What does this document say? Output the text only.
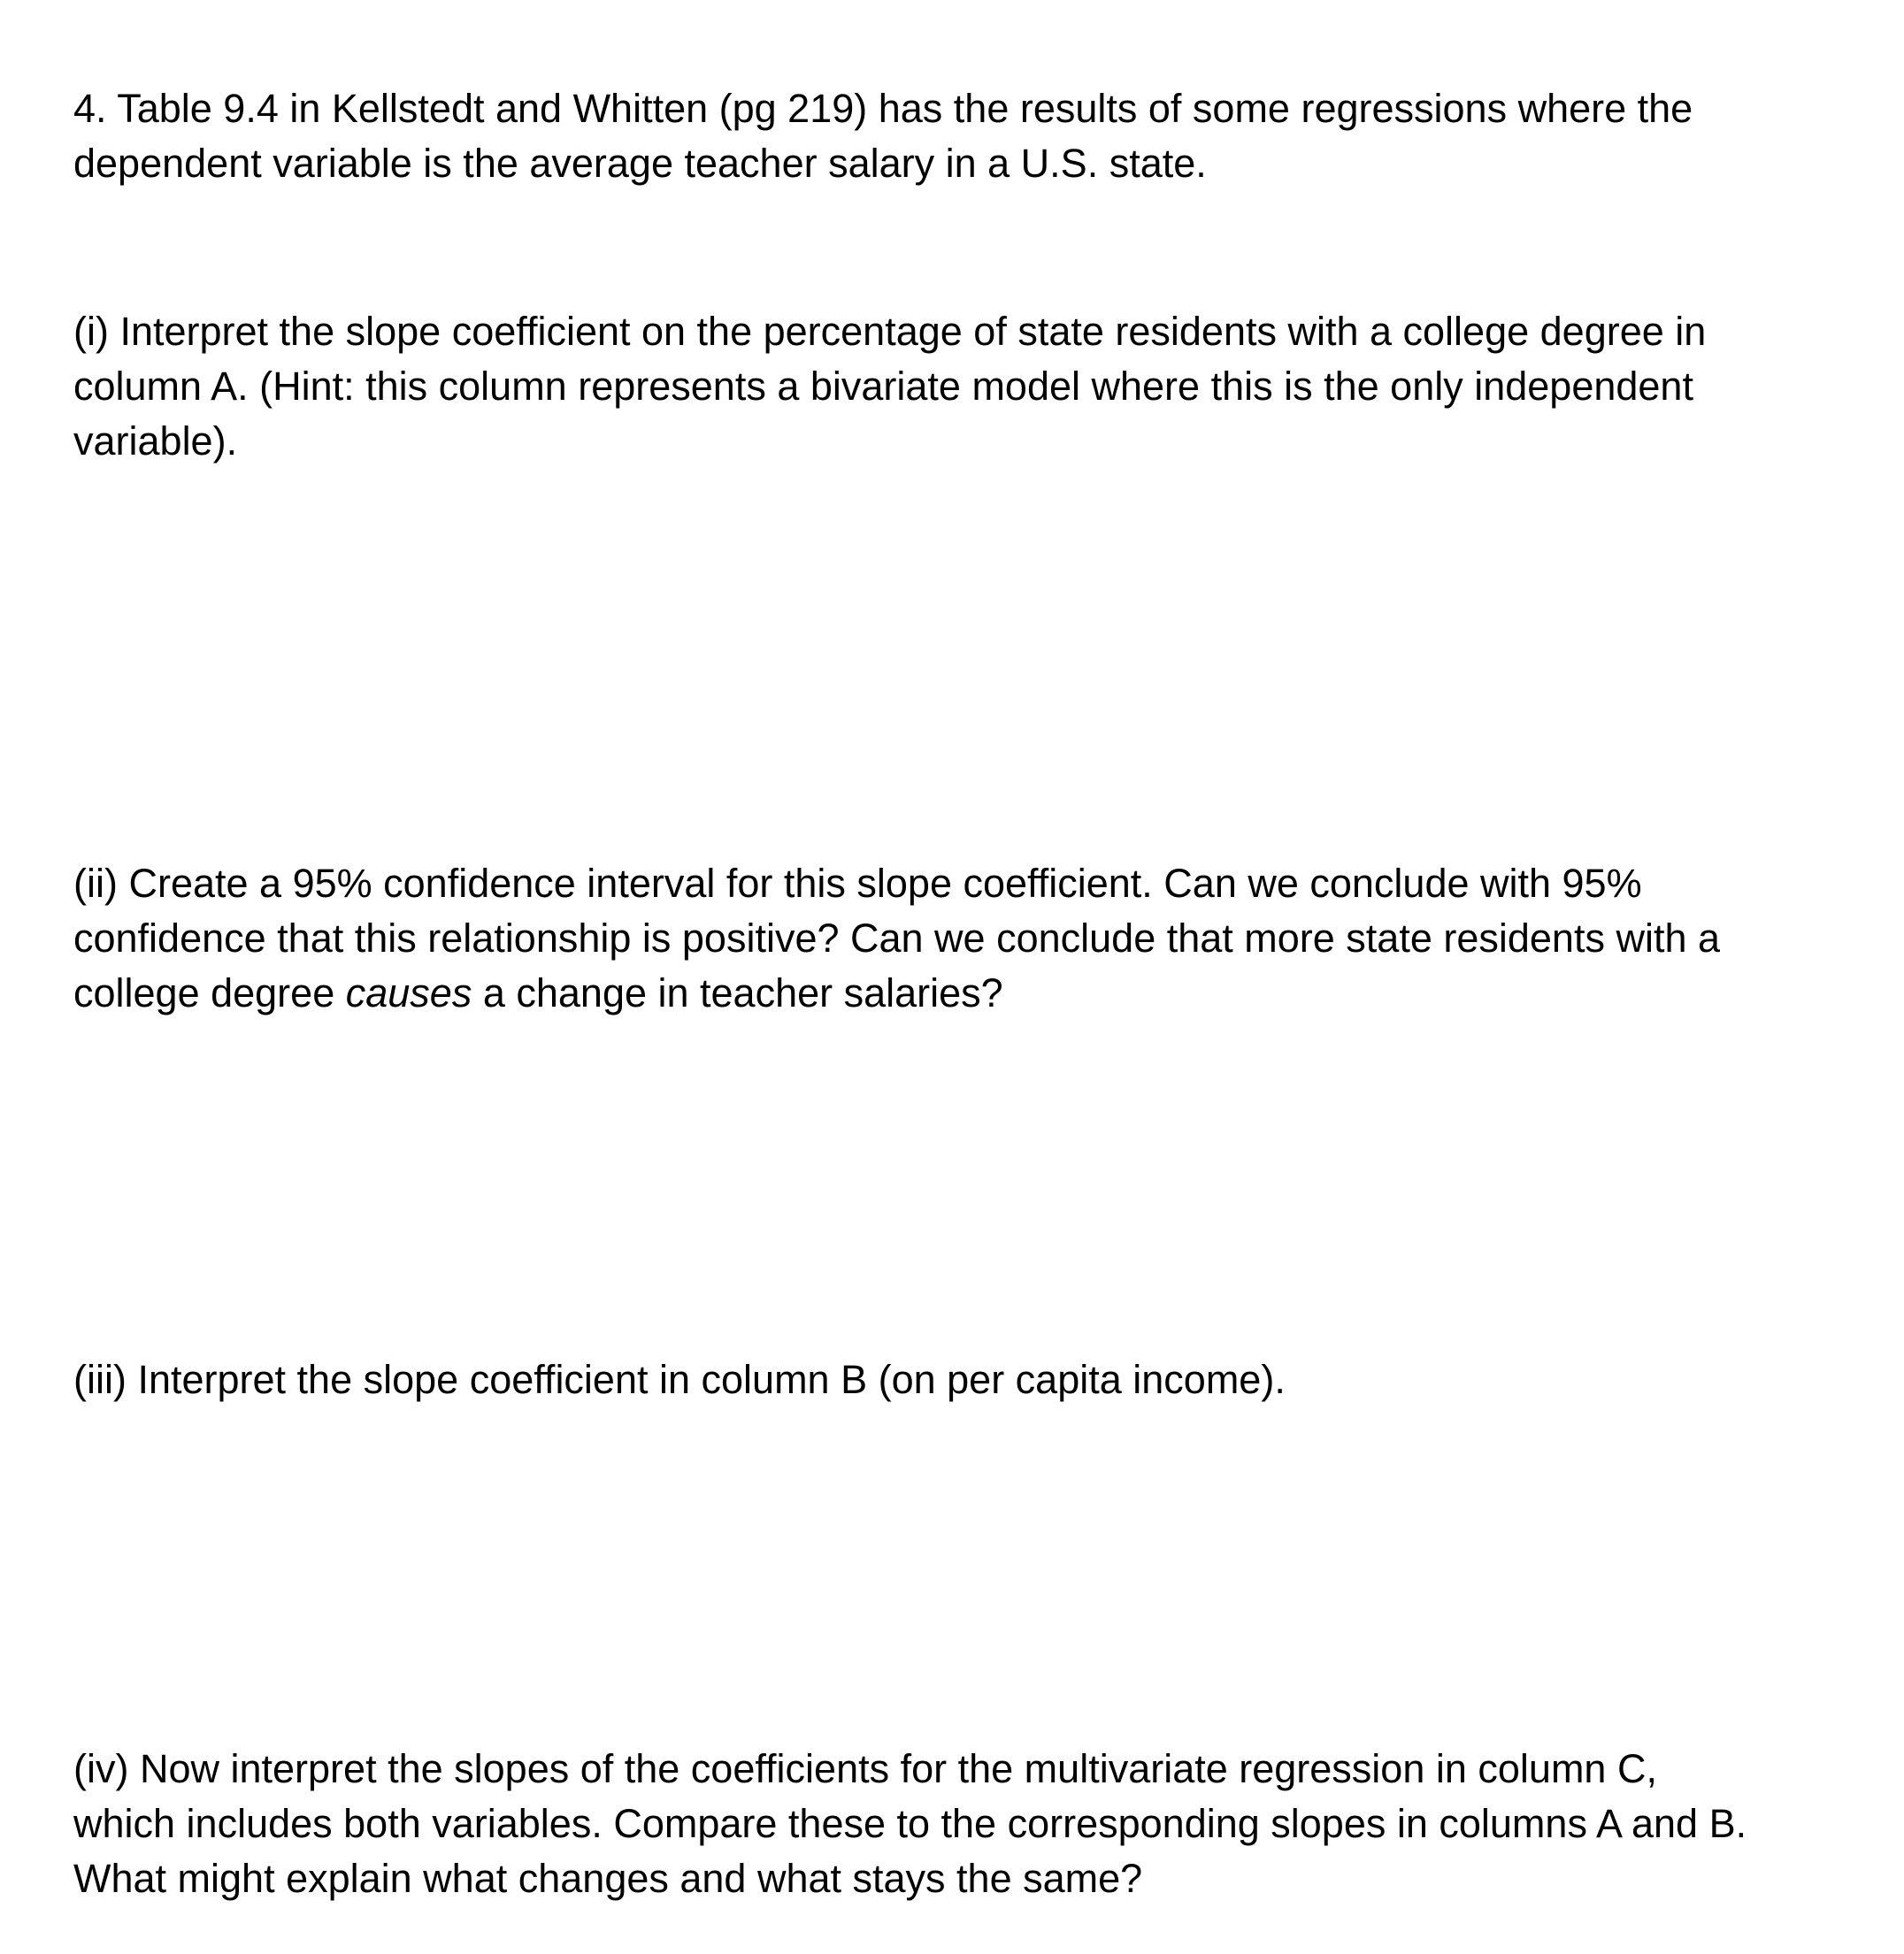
4. Table 9.4 in Kellstedt and Whitten (pg 219) has the results of some regressions where the
dependent variable is the average teacher salary in a U.S. state.

(i) Interpret the slope coefficient on the percentage of state residents with a college degree in
column A. (Hint: this column represents a bivariate model where this is the only independent
variable).

(ii) Create a 95% confidence interval for this slope coefficient. Can we conclude with 95%
confidence that this relationship is positive? Can we conclude that more state residents with a
college degree causes a change in teacher salaries?

(iii) Interpret the slope coefficient in column B (on per capita income).

(iv) Now interpret the slopes of the coefficients for the multivariate regression in column C,
which includes both variables. Compare these to the corresponding slopes in columns A and B.
What might explain what changes and what stays the same?
